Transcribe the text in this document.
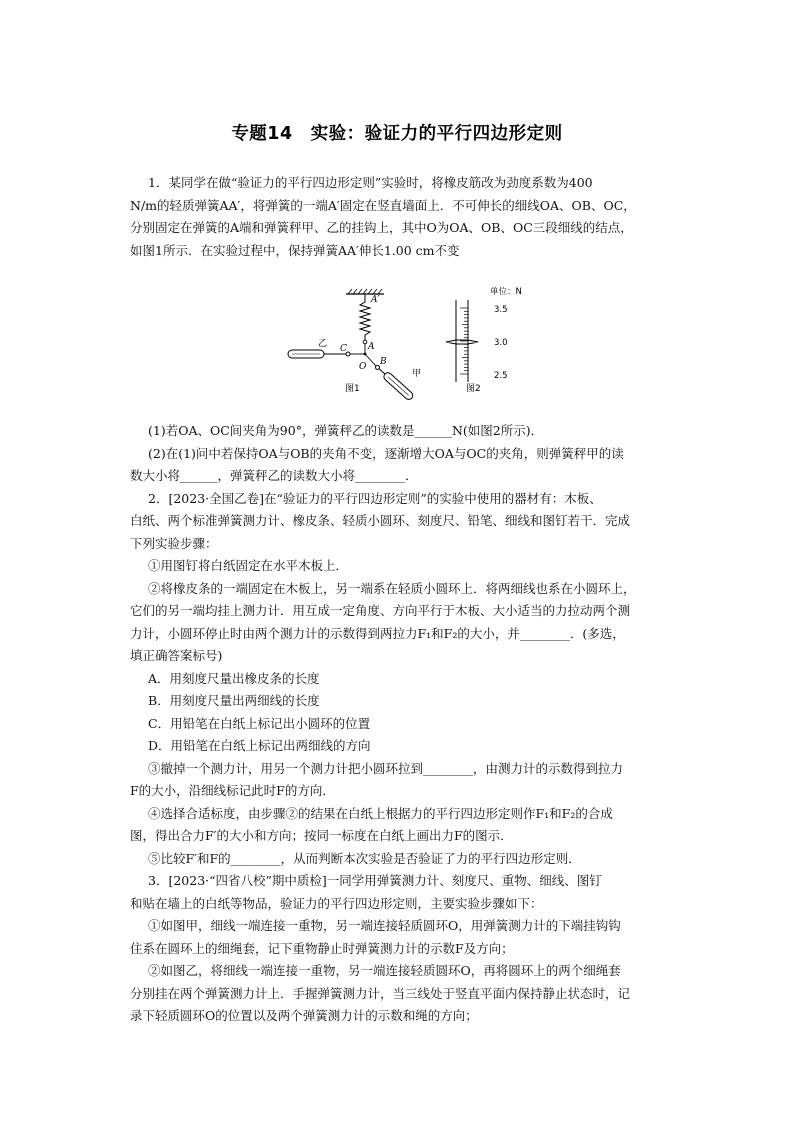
专题14　实验：验证力的平行四边形定则
1．某同学在做“验证力的平行四边形定则”实验时，将橡皮筋改为劲度系数为400
N/m的轻质弹簧AA′，将弹簧的一端A′固定在竖直墙面上．不可伸长的细线OA、OB、OC，
分别固定在弹簧的A端和弹簧秤甲、乙的挂钩上，其中O为OA、OB、OC三段细线的结点，
如图1所示．在实验过程中，保持弹簧AA′伸长1.00 cm不变
A′
A
C
O B
乙
甲
图1
单位：N
3.5
3.0
2.5
图2
(1)若OA、OC间夹角为90°，弹簧秤乙的读数是______N(如图2所示)．
(2)在(1)问中若保持OA与OB的夹角不变，逐渐增大OA与OC的夹角，则弹簧秤甲的读
数大小将______，弹簧秤乙的读数大小将________．
2．[2023·全国乙卷]在“验证力的平行四边形定则”的实验中使用的器材有：木板、
白纸、两个标准弹簧测力计、橡皮条、轻质小圆环、刻度尺、铅笔、细线和图钉若干．完成
下列实验步骤：
①用图钉将白纸固定在水平木板上．
②将橡皮条的一端固定在木板上，另一端系在轻质小圆环上．将两细线也系在小圆环上，
它们的另一端均挂上测力计．用互成一定角度、方向平行于木板、大小适当的力拉动两个测
力计，小圆环停止时由两个测力计的示数得到两拉力F₁和F₂的大小，并________．(多选，
填正确答案标号)
A．用刻度尺量出橡皮条的长度
B．用刻度尺量出两细线的长度
C．用铅笔在白纸上标记出小圆环的位置
D．用铅笔在白纸上标记出两细线的方向
③撤掉一个测力计，用另一个测力计把小圆环拉到________，由测力计的示数得到拉力
F的大小，沿细线标记此时F的方向．
④选择合适标度，由步骤②的结果在白纸上根据力的平行四边形定则作F₁和F₂的合成
图，得出合力F′的大小和方向；按同一标度在白纸上画出力F的图示．
⑤比较F′和F的________，从而判断本次实验是否验证了力的平行四边形定则．
3．[2023·“四省八校”期中质检]一同学用弹簧测力计、刻度尺、重物、细线、图钉
和贴在墙上的白纸等物品，验证力的平行四边形定则，主要实验步骤如下：
①如图甲，细线一端连接一重物，另一端连接轻质圆环O，用弹簧测力计的下端挂钩钩
住系在圆环上的细绳套，记下重物静止时弹簧测力计的示数F及方向；
②如图乙，将细线一端连接一重物，另一端连接轻质圆环O，再将圆环上的两个细绳套
分别挂在两个弹簧测力计上．手握弹簧测力计，当三线处于竖直平面内保持静止状态时，记
录下轻质圆环O的位置以及两个弹簧测力计的示数和绳的方向；
